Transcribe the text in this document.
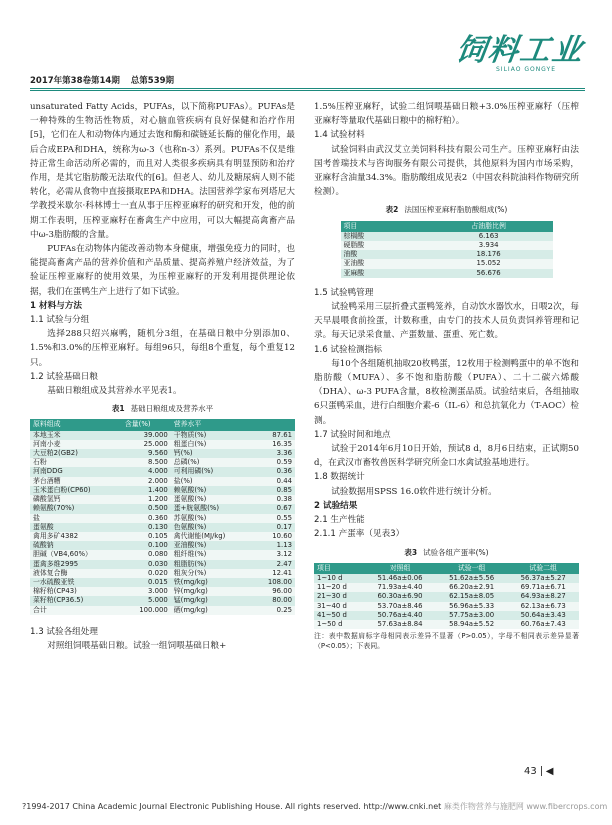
2017年第38卷第14期 总第539期
饲料工业
SILIAO GONGYE

unsaturated Fatty Acids，PUFAs，以下简称PUFAs）。PUFAs是一种特殊的生物活性物质，对心脑血管疾病有良好保健和治疗作用[5]，它们在人和动物体内通过去饱和酶和碳链延长酶的催化作用，最后合成EPA和DHA，统称为ω-3（也称n-3）系列。PUFAs不仅是维持正常生命活动所必需的，而且对人类很多疾病具有明显预防和治疗作用，是其它脂肪酸无法取代的[6]。但老人、幼儿及糖尿病人则不能转化，必需从食物中直接摄取EPA和DHA。法国营养学家布列塔尼大学教授米歇尔·科林博士一直从事于压榨亚麻籽的研究和开发，他的前期工作表明，压榨亚麻籽在畜禽生产中应用，可以大幅提高禽畜产品中ω-3脂肪酸的含量。

PUFAs在动物体内能改善动物本身健康，增强免疫力的同时，也能提高畜禽产品的营养价值和产品质量、提高养殖户经济效益，为了验证压榨亚麻籽的使用效果，为压榨亚麻籽的开发利用提供理论依据，我们在蛋鸭生产上进行了如下试验。

1 材料与方法

1.1 试验与分组

选择288只绍兴麻鸭，随机分3组，在基础日粮中分别添加0、1.5%和3.0%的压榨亚麻籽。每组96只，每组8个重复，每个重复12只。

1.2 试验基础日粮

基础日粮组成及其营养水平见表1。

表1 基础日粮组成及营养水平
原料组成	含量(%)	营养水平	
本地玉米	39.000	干物质(%)	87.61
河南小麦	25.000	粗蛋白(%)	16.35
大豆粕2(GB2)	9.560	钙(%)	3.36
石粉	8.500	总磷(%)	0.59
河南DDG	4.000	可利用磷(%)	0.36
茅台酒糟	2.000	盐(%)	0.44
玉米蛋白粉(CP60)	1.400	赖氨酸(%)	0.85
磷酸氢钙	1.200	蛋氨酸(%)	0.38
赖氨酸(70%)	0.500	蛋+胱氨酸(%)	0.67
盐	0.360	苏氨酸(%)	0.55
蛋氨酸	0.130	色氨酸(%)	0.17
禽用多矿4382	0.105	禽代谢能(MJ/kg)	10.60
硫酸钠	0.100	亚油酸(%)	1.13
胆碱（VB4,60%）	0.080	粗纤维(%)	3.12
蛋禽多维2995	0.030	粗脂肪(%)	2.47
液体复合酶	0.020	粗灰分(%)	12.41
一水硫酸亚铁	0.015	铁(mg/kg)	108.00
棉籽粕(CP43)	3.000	锌(mg/kg)	96.00
菜籽粕(CP36.5)	5.000	锰(mg/kg)	80.00
合计	100.000	硒(mg/kg)	0.25

1.3 试验各组处理

对照组饲喂基础日粮。试验一组饲喂基础日粮+

1.5%压榨亚麻籽，试验二组饲喂基础日粮+3.0%压榨亚麻籽（压榨亚麻籽等量取代基础日粮中的棉籽粕）。

1.4 试验材料

试验饲料由武汉艾立美饲料科技有限公司生产。压榨亚麻籽由法国考普瑞技术与咨询服务有限公司提供，其他原料为国内市场采购，亚麻籽含油量34.3%。脂肪酸组成见表2（中国农科院油料作物研究所检测）。

表2 法国压榨亚麻籽脂肪酸组成(%)
项目	占油脂比例
棕榈酸	6.163
硬脂酸	3.934
油酸	18.176
亚油酸	15.052
亚麻酸	56.676

1.5 试验鸭管理

试验鸭采用三层折叠式蛋鸭笼养，自动饮水器饮水，日喂2次，每天早晨喂食前捡蛋，计数称重，由专门的技术人员负责饲养管理和记录。每天记录采食量、产蛋数量、蛋重、死亡数。

1.6 试验检测指标

每10个各组随机抽取20枚鸭蛋，12枚用于检测鸭蛋中的单不饱和脂肪酸（MUFA）、多不饱和脂肪酸（PUFA）、二十二碳六烯酸（DHA）、ω-3 PUFA含量，8枚检测蛋品质。试验结束后，各组抽取6只蛋鸭采血，进行白细胞介素-6（IL-6）和总抗氧化力（T-AOC）检测。

1.7 试验时间和地点

试验于2014年6月10日开始，预试8 d，8月6日结束，正试期50 d，在武汉市畜牧兽医科学研究所金口水禽试验基地进行。

1.8 数据统计

试验数据用SPSS 16.0软件进行统计分析。

2 试验结果

2.1 生产性能

2.1.1 产蛋率（见表3）

表3 试验各组产蛋率(%)
项目	对照组	试验一组	试验二组
1~10 d	51.46a±0.06	51.62a±5.56	56.37a±5.27
11~20 d	71.93a±4.40	66.20a±2.91	69.71a±6.71
21~30 d	60.30a±6.90	62.15a±8.05	64.93a±8.27
31~40 d	53.70a±8.46	56.96a±5.33	62.13a±6.73
41~50 d	50.76a±4.40	57.75a±3.00	50.64a±3.43
1~50 d	57.63a±8.84	58.94a±5.52	60.76a±7.43

注：表中数据肩标字母相同表示差异不显著（P>0.05），字母不相同表示差异显著（P<0.05）；下表同。

43 ◀
?1994-2017 China Academic Journal Electronic Publishing House. All rights reserved. http://www.cnki.net 麻类作物营养与施肥网 www.fibercrops.com
